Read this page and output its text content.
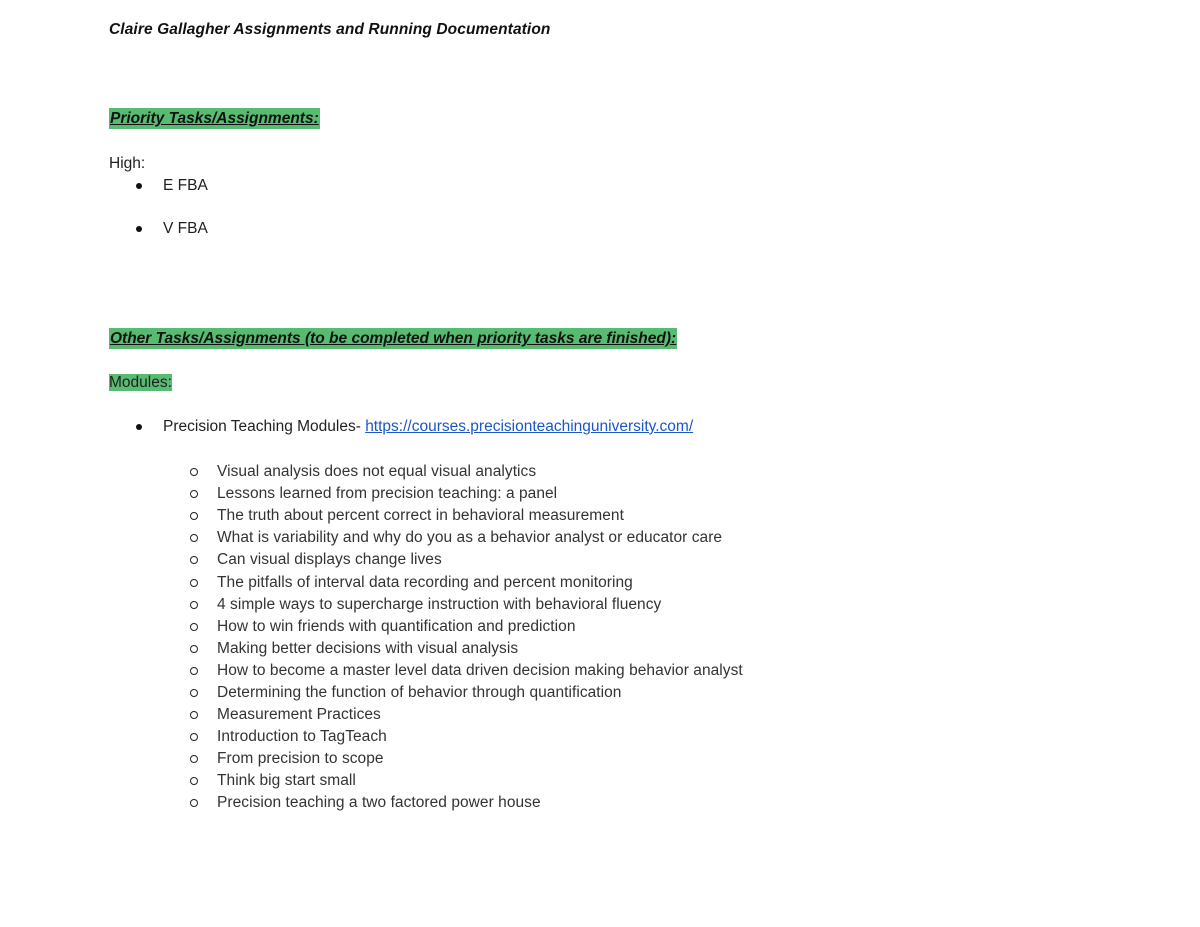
Claire Gallagher Assignments and Running Documentation
Priority Tasks/Assignments:
High:
E FBA
V FBA
Other Tasks/Assignments (to be completed when priority tasks are finished):
Modules:
Precision Teaching Modules- https://courses.precisionteachinguniversity.com/
Visual analysis does not equal visual analytics
Lessons learned from precision teaching: a panel
The truth about percent correct in behavioral measurement
What is variability and why do you as a behavior analyst or educator care
Can visual displays change lives
The pitfalls of interval data recording and percent monitoring
4 simple ways to supercharge instruction with behavioral fluency
How to win friends with quantification and prediction
Making better decisions with visual analysis
How to become a master level data driven decision making behavior analyst
Determining the function of behavior through quantification
Measurement Practices
Introduction to TagTeach
From precision to scope
Think big start small
Precision teaching a two factored power house
